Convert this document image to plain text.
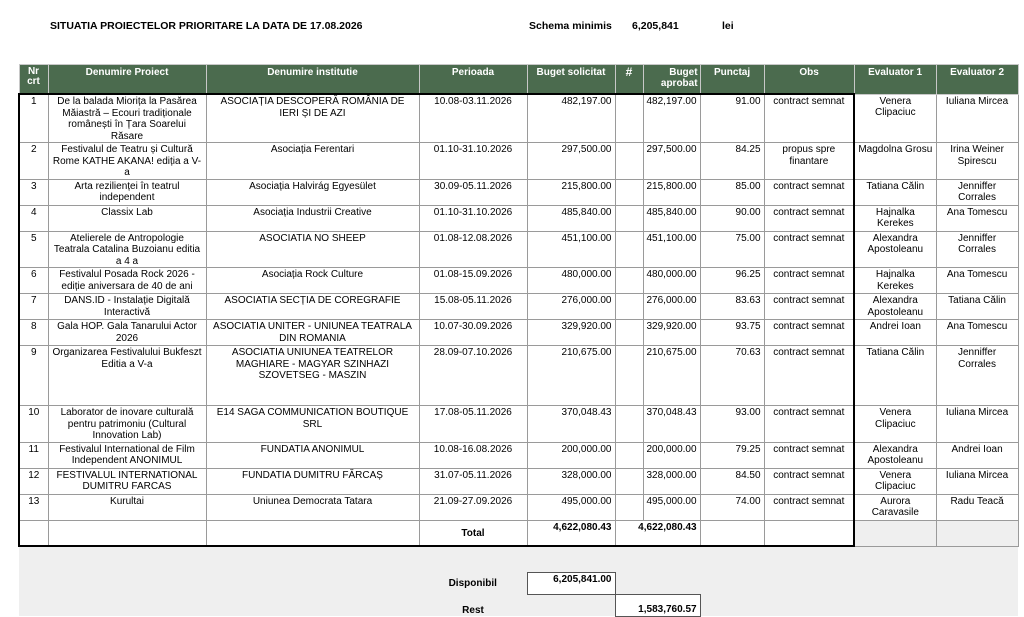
SITUATIA PROIECTELOR PRIORITARE LA DATA DE 17.08.2026	Schema minimis 6,205,841	lei
Nr crt	Denumire Proiect	Denumire institutie	Perioada	Buget solicitat	#	Buget aprobat	Punctaj	Obs	Evaluator 1	Evaluator 2
1	De la balada Miorița la Pasărea Măiastră – Ecouri tradiționale românești în Țara Soarelui Răsare	ASOCIAȚIA DESCOPERĂ ROMÂNIA DE IERI ȘI DE AZI	10.08-03.11.2026	482,197.00		482,197.00	91.00	contract semnat	Venera Clipaciuc	Iuliana Mircea
2	Festivalul de Teatru și Cultură Rome KATHE AKANA! ediția a V-a	Asociația Ferentari	01.10-31.10.2026	297,500.00		297,500.00	84.25	propus spre finantare	Magdolna Grosu	Irina Weiner Spirescu
3	Arta rezilienței în teatrul independent	Asociația Halvirág Egyesület	30.09-05.11.2026	215,800.00		215,800.00	85.00	contract semnat	Tatiana Călin	Jenniffer Corrales
4	Classix Lab	Asociația Industrii Creative	01.10-31.10.2026	485,840.00		485,840.00	90.00	contract semnat	Hajnalka Kerekes	Ana Tomescu
5	Atelierele de Antropologie Teatrala Catalina Buzoianu editia a 4 a	ASOCIATIA NO SHEEP	01.08-12.08.2026	451,100.00		451,100.00	75.00	contract semnat	Alexandra Apostoleanu	Jenniffer Corrales
6	Festivalul Posada Rock 2026 - ediție aniversara de 40 de ani	Asociația Rock Culture	01.08-15.09.2026	480,000.00		480,000.00	96.25	contract semnat	Hajnalka Kerekes	Ana Tomescu
7	DANS.ID - Instalație Digitală Interactivă	ASOCIATIA SECȚIA DE COREGRAFIE	15.08-05.11.2026	276,000.00		276,000.00	83.63	contract semnat	Alexandra Apostoleanu	Tatiana Călin
8	Gala HOP. Gala Tanarului Actor 2026	ASOCIATIA UNITER - UNIUNEA TEATRALA DIN ROMANIA	10.07-30.09.2026	329,920.00		329,920.00	93.75	contract semnat	Andrei Ioan	Ana Tomescu
9	Organizarea Festivalului Bukfeszt Editia a V-a	ASOCIATIA UNIUNEA TEATRELOR MAGHIARE - MAGYAR SZINHAZI SZOVETSEG - MASZIN	28.09-07.10.2026	210,675.00		210,675.00	70.63	contract semnat	Tatiana Călin	Jenniffer Corrales
10	Laborator de inovare culturală pentru patrimoniu (Cultural Innovation Lab)	E14 SAGA COMMUNICATION BOUTIQUE SRL	17.08-05.11.2026	370,048.43		370,048.43	93.00	contract semnat	Venera Clipaciuc	Iuliana Mircea
11	Festivalul International de Film Independent ANONIMUL	FUNDATIA ANONIMUL	10.08-16.08.2026	200,000.00		200,000.00	79.25	contract semnat	Alexandra Apostoleanu	Andrei Ioan
12	FESTIVALUL INTERNATIONAL DUMITRU FARCAS	FUNDATIA DUMITRU FĂRCAȘ	31.07-05.11.2026	328,000.00		328,000.00	84.50	contract semnat	Venera Clipaciuc	Iuliana Mircea
13	Kurultai	Uniunea Democrata Tatara	21.09-27.09.2026	495,000.00		495,000.00	74.00	contract semnat	Aurora Caravasile	Radu Teacă
			Total	4,622,080.43	4,622,080.43					

			Disponibil	6,205,841.00						
			Rest		1,583,760.57					
